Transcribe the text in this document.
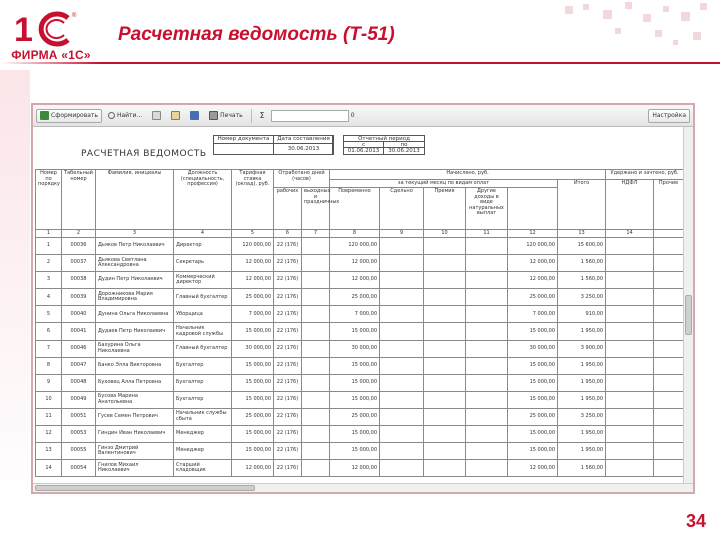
1	®
ФИРМА «1С»
Расчетная ведомость (Т-51)
Сформировать	Найти...	Печать Σ	0	Настройка
РАСЧЕТНАЯ ВЕДОМОСТЬ
Номер документа	Дата составления
30.06.2013
Отчетный период
с	по
01.06.2013	30.06.2013
Номер по порядку	Табельный номер	Фамилия, инициалы	Должность (специальность, профессия)	Тарифная ставка (оклад), руб.	Отработано дней (часов)		Начислено, руб.						Удержано и зачтено, руб.	
							за текущий месяц по видам оплат					Итого	НДФЛ	Прочие
					рабочих	выходных и праздничных	Повременно	Сдельно	Премия	Другие доходы в виде натуральных выплат				
1	2	3	4	5	6	7	8	9	10	11	12	13	14	
1	00036	Дьяков Петр Николаевич	Директор	120 000,00	22 (176)		120 000,00				120 000,00	15 600,00		
2	00037	Дьякова Светлана Александровна	Секретарь	12 000,00	22 (176)		12 000,00				12 000,00	1 560,00		
3	00038	Дудин Петр Николаевич	Коммерческий директор	12 000,00	22 (176)		12 000,00				12 000,00	1 560,00		
4	00039	Дорожникова Мария Владимировна	Главный бухгалтер	25 000,00	22 (176)		25 000,00				25 000,00	3 250,00		
5	00040	Дунина Ольга Николаевна	Уборщица	7 000,00	22 (176)		7 000,00				7 000,00	910,00		
6	00041	Дудаев Петр Николаевич	Начальник кадровой службы	15 000,00	22 (176)		15 000,00				15 000,00	1 950,00		
7	00046	Бахурина Ольга Николаевна	Главный бухгалтер	30 000,00	22 (176)		30 000,00				30 000,00	3 900,00		
8	00047	Банко Элла Викторовна	Бухгалтер	15 000,00	22 (176)		15 000,00				15 000,00	1 950,00		
9	00048	Буховец Алла Петровна	Бухгалтер	15 000,00	22 (176)		15 000,00				15 000,00	1 950,00		
10	00049	Бусова Марина Анатольевна	Бухгалтер	15 000,00	22 (176)		15 000,00				15 000,00	1 950,00		
11	00051	Гусев Семен Петрович	Начальник службы сбыта	25 000,00	22 (176)		25 000,00				25 000,00	3 250,00		
12	00053	Гиндин Иван Николаевич	Менеджер	15 000,00	22 (176)		15 000,00				15 000,00	1 950,00		
13	00055	Гинзо Дмитрий Валентинович	Менеджер	15 000,00	22 (176)		15 000,00				15 000,00	1 950,00		
14	00054	Гнилов Михаил Николаевич	Старший кладовщик	12 000,00	22 (176)		12 000,00				12 000,00	1 560,00		
34
